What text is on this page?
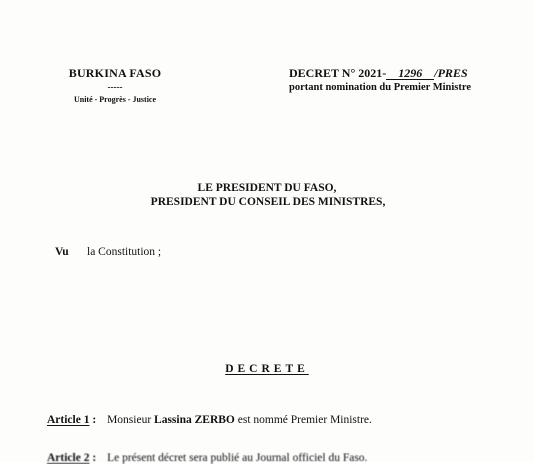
BURKINA FASO
-----
Unité - Progrès - Justice
DECRET N° 2021- 1296 /PRES
portant nomination du Premier Ministre
LE PRESIDENT DU FASO,
PRESIDENT DU CONSEIL DES MINISTRES,
Vu la Constitution ;
DECRETE
Article 1 : Monsieur Lassina ZERBO est nommé Premier Ministre.
Article 2 : Le présent décret sera publié au Journal officiel du Faso.
